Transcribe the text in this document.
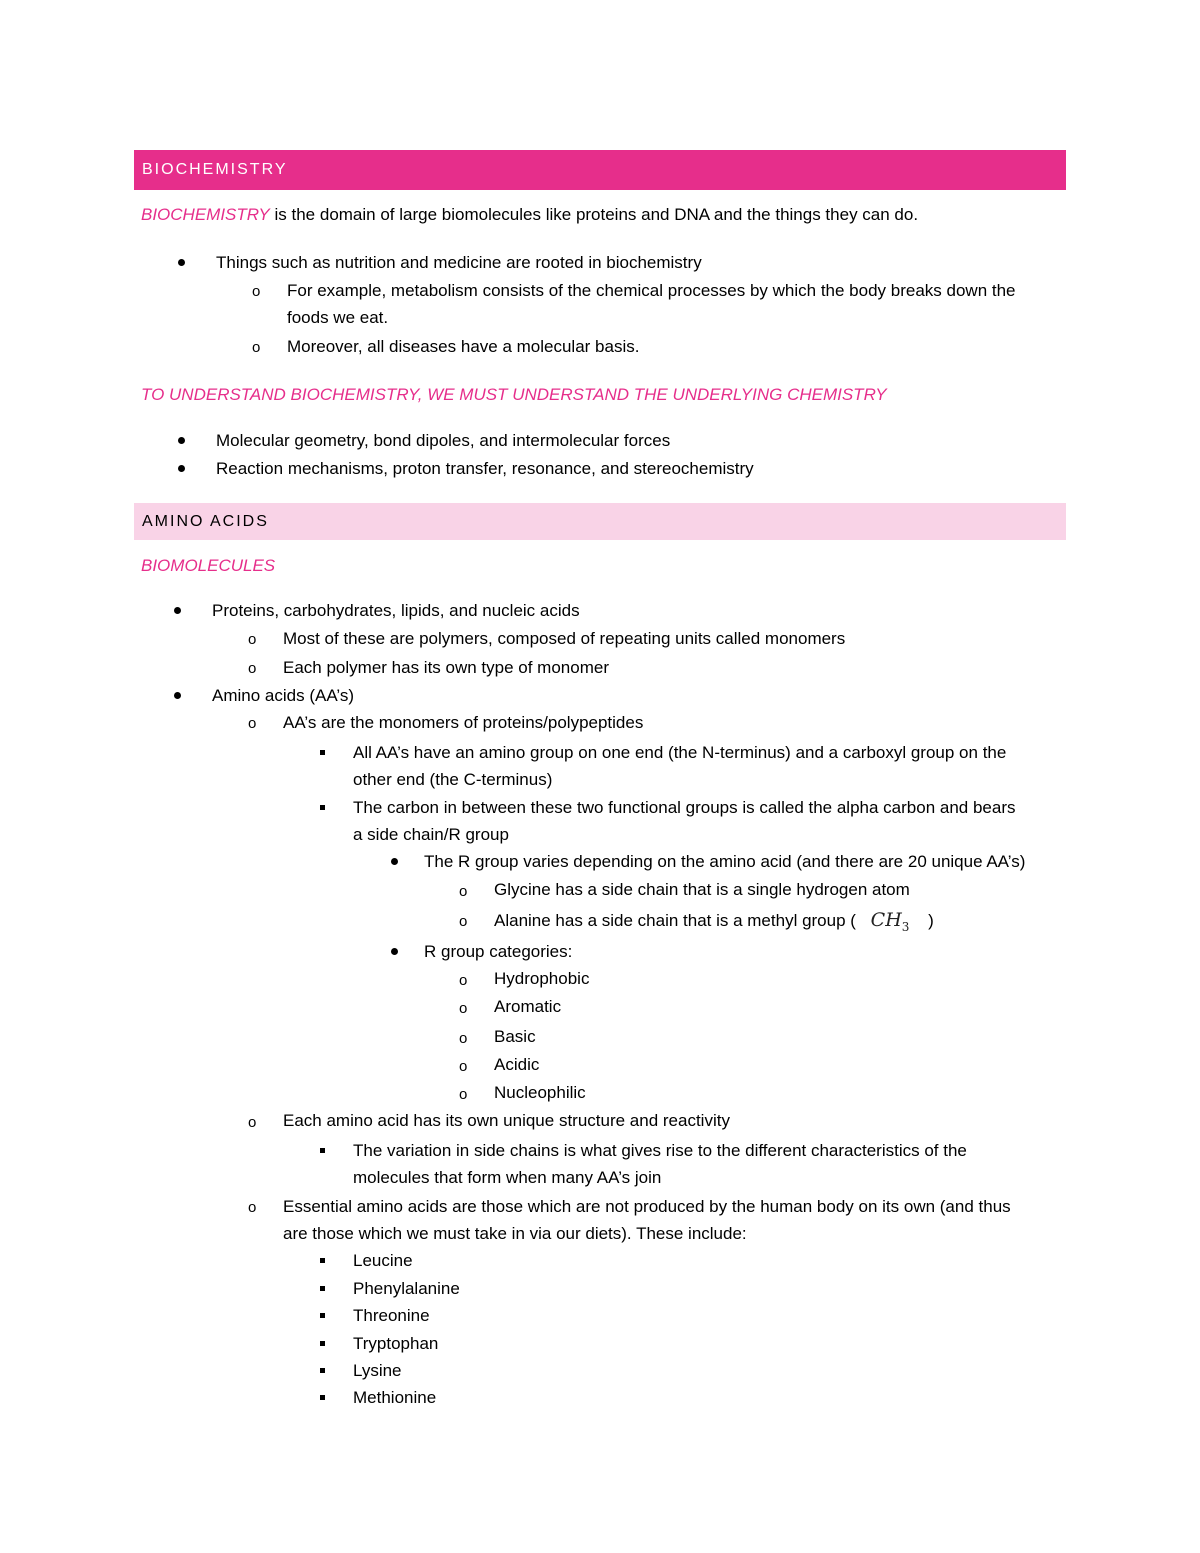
BIOCHEMISTRY
BIOCHEMISTRY is the domain of large biomolecules like proteins and DNA and the things they can do.
Things such as nutrition and medicine are rooted in biochemistry
o For example, metabolism consists of the chemical processes by which the body breaks down the
foods we eat.
o Moreover, all diseases have a molecular basis.
TO UNDERSTAND BIOCHEMISTRY, WE MUST UNDERSTAND THE UNDERLYING CHEMISTRY
Molecular geometry, bond dipoles, and intermolecular forces
Reaction mechanisms, proton transfer, resonance, and stereochemistry
AMINO ACIDS
BIOMOLECULES
Proteins, carbohydrates, lipids, and nucleic acids
o Most of these are polymers, composed of repeating units called monomers
o Each polymer has its own type of monomer
Amino acids (AA’s)
o AA’s are the monomers of proteins/polypeptides
All AA’s have an amino group on one end (the N-terminus) and a carboxyl group on the
other end (the C-terminus)
The carbon in between these two functional groups is called the alpha carbon and bears
a side chain/R group
The R group varies depending on the amino acid (and there are 20 unique AA’s)
o Glycine has a side chain that is a single hydrogen atom
o Alanine has a side chain that is a methyl group ( $CH_3$ )
R group categories:
o Hydrophobic
o Aromatic
o Basic
o Acidic
o Nucleophilic
o Each amino acid has its own unique structure and reactivity
The variation in side chains is what gives rise to the different characteristics of the
molecules that form when many AA’s join
o Essential amino acids are those which are not produced by the human body on its own (and thus
are those which we must take in via our diets). These include:
Leucine
Phenylalanine
Threonine
Tryptophan
Lysine
Methionine
